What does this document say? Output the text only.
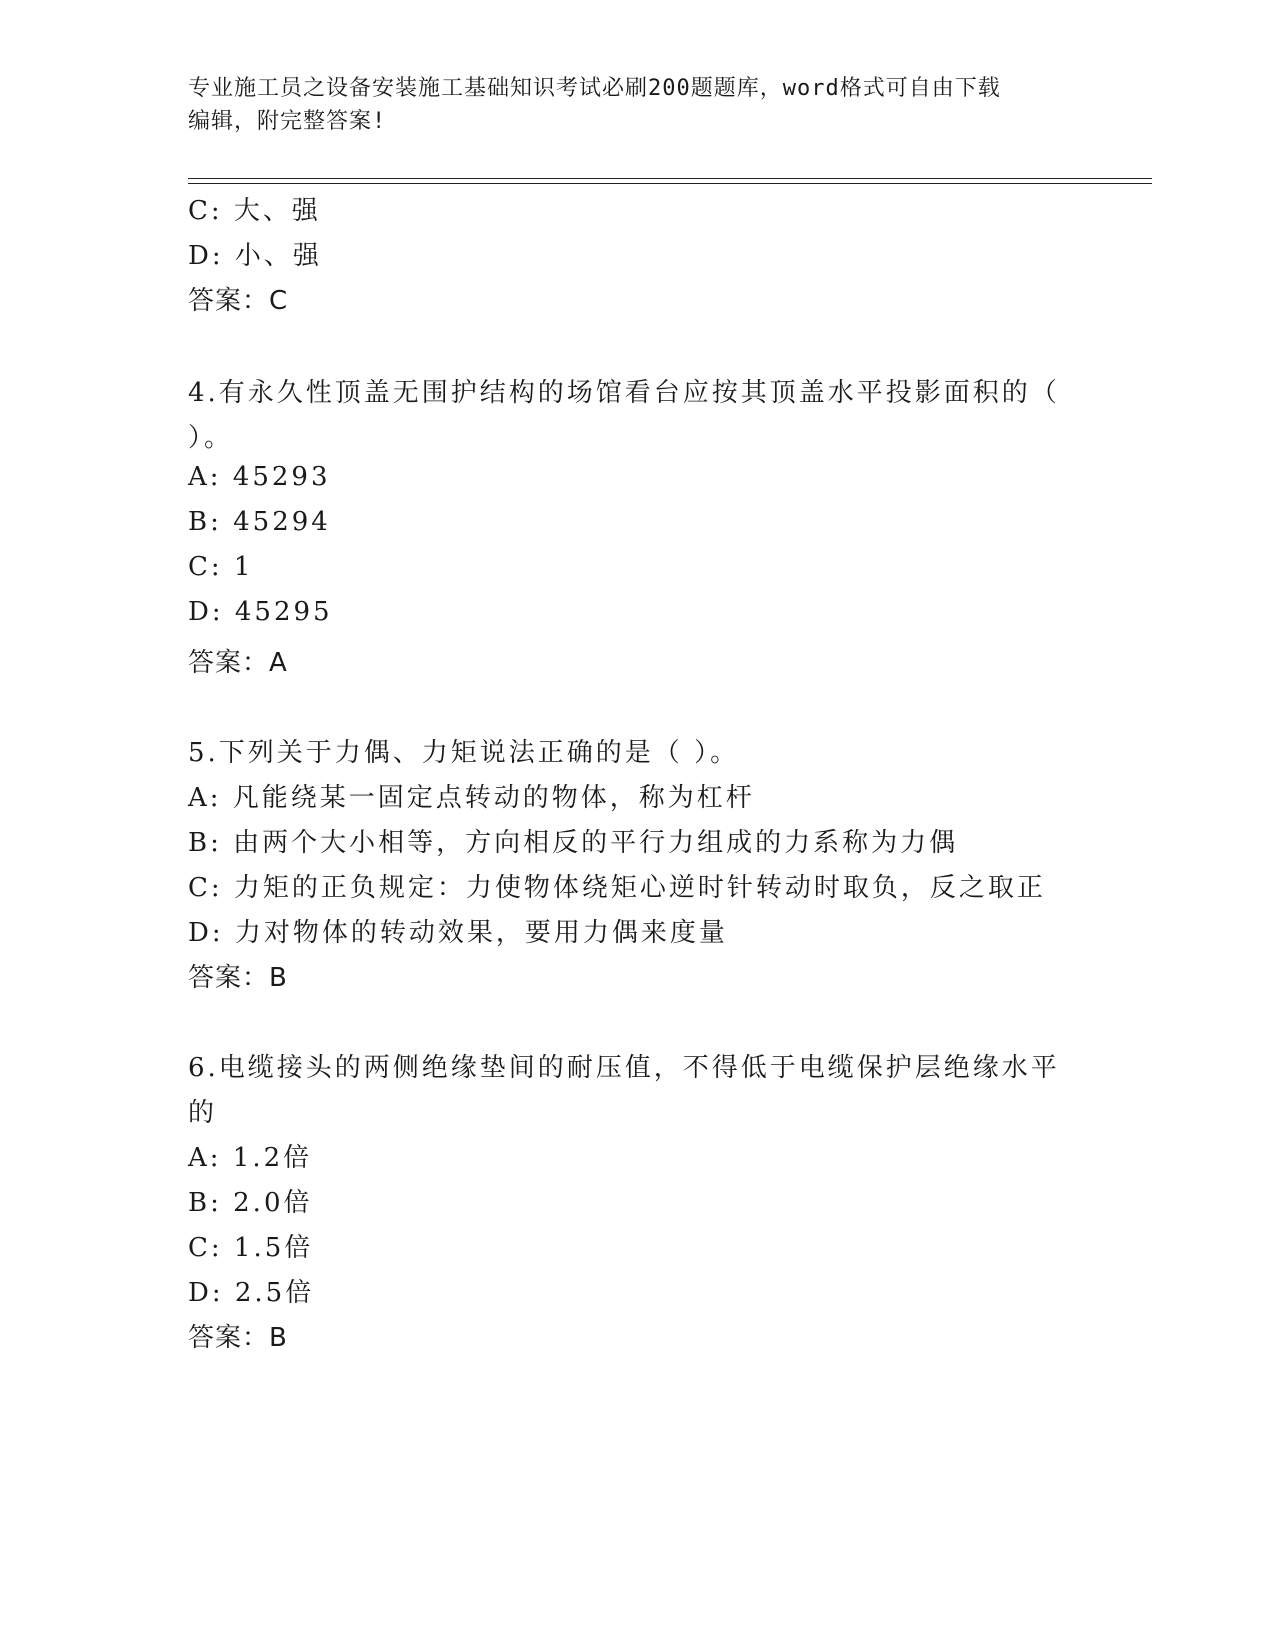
专业施工员之设备安装施工基础知识考试必刷200题题库，word格式可自由下载
编辑，附完整答案!
C: 大、强
D: 小、强
答案：C
4.有永久性顶盖无围护结构的场馆看台应按其顶盖水平投影面积的（
）。
A: 45293
B: 45294
C: 1
D: 45295
答案：A
5.下列关于力偶、力矩说法正确的是（ ）。
A: 凡能绕某一固定点转动的物体，称为杠杆
B: 由两个大小相等，方向相反的平行力组成的力系称为力偶
C: 力矩的正负规定：力使物体绕矩心逆时针转动时取负，反之取正
D: 力对物体的转动效果，要用力偶来度量
答案：B
6.电缆接头的两侧绝缘垫间的耐压值，不得低于电缆保护层绝缘水平
的
A: 1.2倍
B: 2.0倍
C: 1.5倍
D: 2.5倍
答案：B
